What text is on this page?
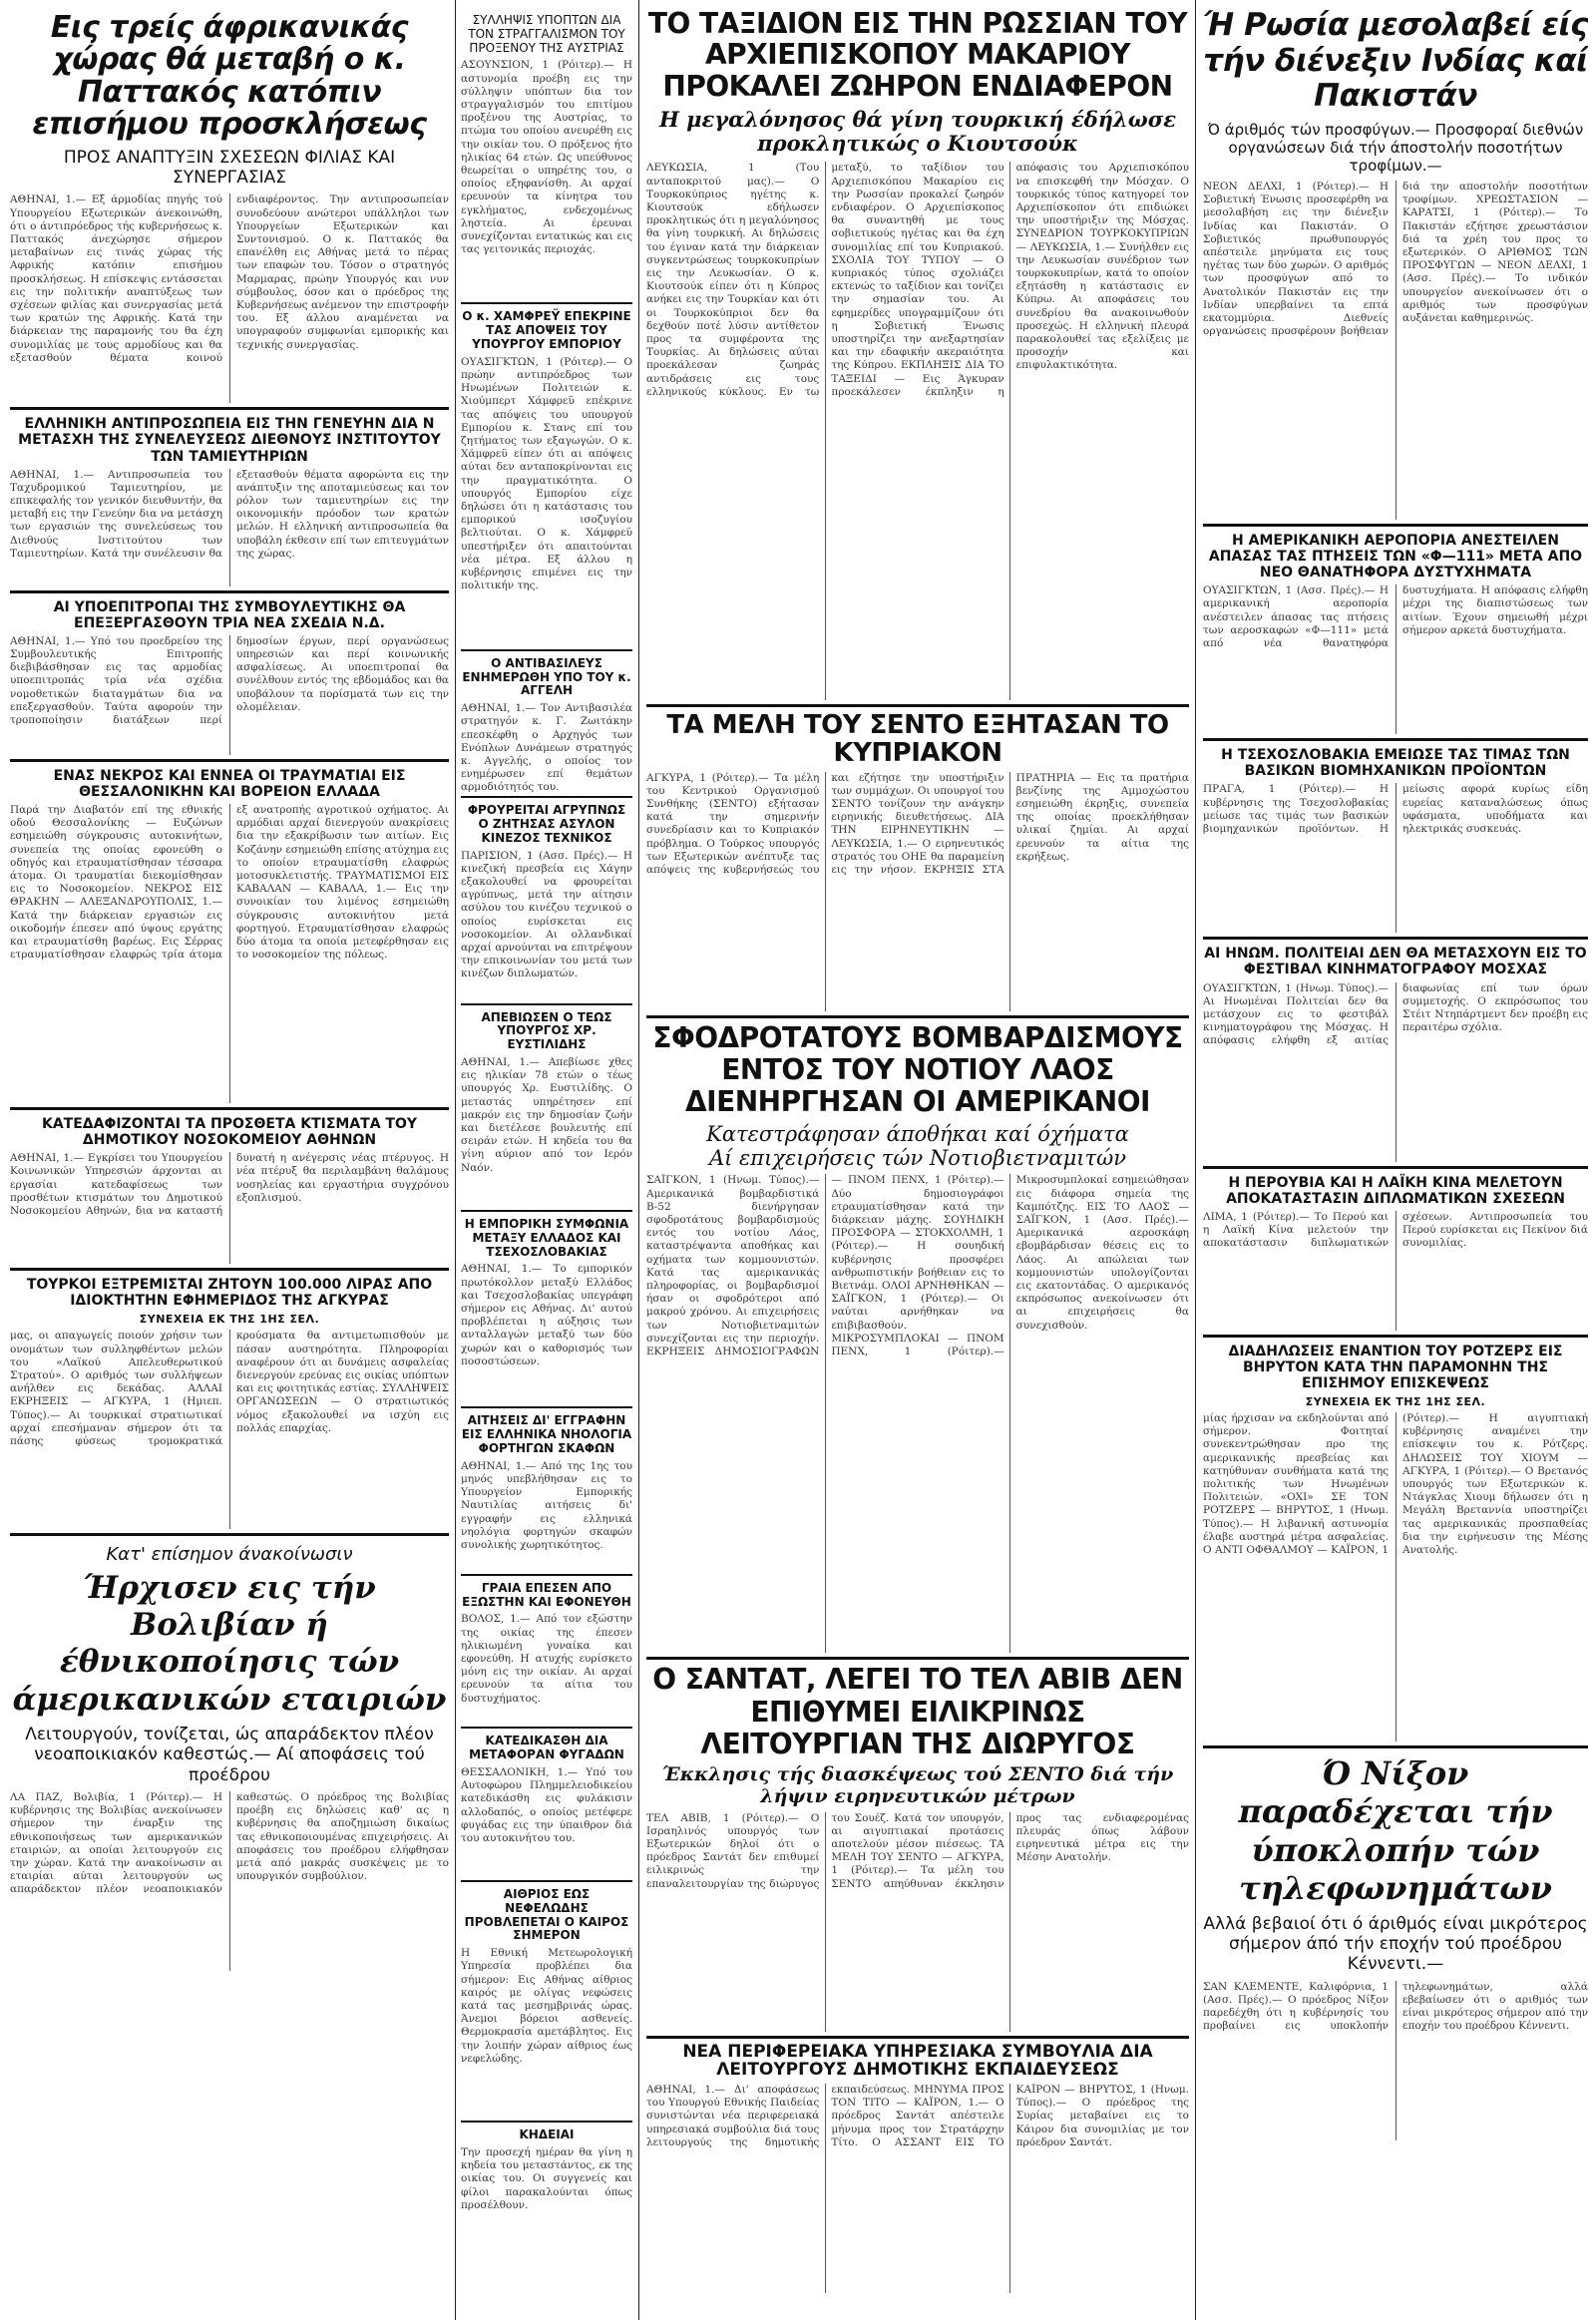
Εις τρείς άφρικανικάς χώρας θά μεταβή ο κ. Παττακός κατόπιν επισήμου προσκλήσεως
ΠΡΟΣ ΑΝΑΠΤΥΞΙΝ ΣΧΕΣΕΩΝ ΦΙΛΙΑΣ ΚΑΙ ΣΥΝΕΡΓΑΣΙΑΣ
ΑΘΗΝΑΙ, 1.— Εξ άρμοδίας πηγής τού Υπουργείου Εξωτερικών άνεκοινώθη, ότι ο άντιπρόεδρος τής κυβερνήσεως κ. Παττακός άνεχώρησε σήμερον μεταβαίνων εις τινάς χώρας τής Αφρικής κατόπιν επισήμου προσκλήσεως. Η επίσκεψις εντάσσεται εις την πολιτικήν αναπτύξεως των σχέσεων φιλίας και συνεργασίας μετά των κρατών της Αφρικής. Κατά την διάρκειαν της παραμονής του θα έχη συνομιλίας με τους αρμοδίους και θα εξετασθούν θέματα κοινού ενδιαφέροντος. Την αντιπροσωπείαν συνοδεύουν ανώτεροι υπάλληλοι των Υπουργείων Εξωτερικών και Συντονισμού. Ο κ. Παττακός θα επανέλθη εις Αθήνας μετά το πέρας των επαφών του. Τόσον ο στρατηγός Μαρμαρας, πρώην Υπουργός και νυν σύμβουλος, όσον και ο πρόεδρος της Κυβερνήσεως ανέμενον την επιστροφήν του. Εξ άλλου αναμένεται να υπογραφούν συμφωνίαι εμπορικής και τεχνικής συνεργασίας.
ΕΛΛΗΝΙΚΗ ΑΝΤΙΠΡΟΣΩΠΕΙΑ ΕΙΣ ΤΗΝ ΓΕΝΕΥΗΝ ΔΙΑ Ν ΜΕΤΑΣΧΗ ΤΗΣ ΣΥΝΕΛΕΥΣΕΩΣ ΔΙΕΘΝΟΥΣ ΙΝΣΤΙΤΟΥΤΟΥ ΤΩΝ ΤΑΜΙΕΥΤΗΡΙΩΝ
ΑΘΗΝΑΙ, 1.— Αντιπροσωπεία του Ταχυδρομικού Ταμιευτηρίου, με επικεφαλής τον γενικόν διευθυντήν, θα μεταβή εις την Γενεύην δια να μετάσχη των εργασιών της συνελεύσεως του Διεθνούς Ινστιτούτου των Ταμιευτηρίων. Κατά την συνέλευσιν θα εξετασθούν θέματα αφορώντα εις την ανάπτυξιν της αποταμιεύσεως και τον ρόλον των ταμιευτηρίων εις την οικονομικήν πρόοδον των κρατών μελών. Η ελληνική αντιπροσωπεία θα υποβάλη έκθεσιν επί των επιτευγμάτων της χώρας.
ΑΙ ΥΠΟΕΠΙΤΡΟΠΑΙ ΤΗΣ ΣΥΜΒΟΥΛΕΥΤΙΚΗΣ ΘΑ ΕΠΕΞΕΡΓΑΣΘΟΥΝ ΤΡΙΑ ΝΕΑ ΣΧΕΔΙΑ Ν.Δ.
ΑΘΗΝΑΙ, 1.— Υπό του προεδρείου της Συμβουλευτικής Επιτροπής διεβιβάσθησαν εις τας αρμοδίας υποεπιτροπάς τρία νέα σχέδια νομοθετικών διαταγμάτων δια να επεξεργασθούν. Ταύτα αφορούν την τροποποίησιν διατάξεων περί δημοσίων έργων, περί οργανώσεως υπηρεσιών και περί κοινωνικής ασφαλίσεως. Αι υποεπιτροπαί θα συνέλθουν εντός της εβδομάδος και θα υποβάλουν τα πορίσματά των εις την ολομέλειαν.
ΕΝΑΣ ΝΕΚΡΟΣ ΚΑΙ ΕΝΝΕΑ ΟΙ ΤΡΑΥΜΑΤΙΑΙ ΕΙΣ ΘΕΣΣΑΛΟΝΙΚΗΝ ΚΑΙ ΒΟΡΕΙΟΝ ΕΛΛΑΔΑ
Παρά την Διαβατόν επί της εθνικής οδού Θεσσαλονίκης — Ευζώνων εσημειώθη σύγκρουσις αυτοκινήτων, συνεπεία της οποίας εφονεύθη ο οδηγός και ετραυματίσθησαν τέσσαρα άτομα. Οι τραυματίαι διεκομίσθησαν εις το Νοσοκομείον. ΝΕΚΡΟΣ ΕΙΣ ΘΡΑΚΗΝ — ΑΛΕΞΑΝΔΡΟΥΠΟΛΙΣ, 1.— Κατά την διάρκειαν εργασιών εις οικοδομήν έπεσεν από ύψους εργάτης και ετραυματίσθη βαρέως. Εις Σέρρας ετραυματίσθησαν ελαφρώς τρία άτομα εξ ανατροπής αγροτικού οχήματος. Αι αρμόδιαι αρχαί διενεργούν ανακρίσεις δια την εξακρίβωσιν των αιτίων. Εις Κοζάνην εσημειώθη επίσης ατύχημα εις το οποίον ετραυματίσθη ελαφρώς μοτοσυκλετιστής. ΤΡΑΥΜΑΤΙΣΜΟΙ ΕΙΣ ΚΑΒΑΛΑΝ — ΚΑΒΑΛΑ, 1.— Εις την συνοικίαν του λιμένος εσημειώθη σύγκρουσις αυτοκινήτου μετά φορτηγού. Ετραυματίσθησαν ελαφρώς δύο άτομα τα οποία μετεφέρθησαν εις το νοσοκομείον της πόλεως.
ΚΑΤΕΔΑΦΙΖΟΝΤΑΙ ΤΑ ΠΡΟΣΘΕΤΑ ΚΤΙΣΜΑΤΑ ΤΟΥ ΔΗΜΟΤΙΚΟΥ ΝΟΣΟΚΟΜΕΙΟΥ ΑΘΗΝΩΝ
ΑΘΗΝΑΙ, 1.— Εγκρίσει του Υπουργείου Κοινωνικών Υπηρεσιών άρχονται αι εργασίαι κατεδαφίσεως των προσθέτων κτισμάτων του Δημοτικού Νοσοκομείου Αθηνών, δια να καταστή δυνατή η ανέγερσις νέας πτέρυγος. Η νέα πτέρυξ θα περιλαμβάνη θαλάμους νοσηλείας και εργαστήρια συγχρόνου εξοπλισμού.
ΤΟΥΡΚΟΙ ΕΞΤΡΕΜΙΣΤΑΙ ΖΗΤΟΥΝ 100.000 ΛΙΡΑΣ ΑΠΟ ΙΔΙΟΚΤΗΤΗΝ ΕΦΗΜΕΡΙΔΟΣ ΤΗΣ ΑΓΚΥΡΑΣ
ΣΥΝΕΧΕΙΑ ΕΚ ΤΗΣ 1ΗΣ ΣΕΛ.
μας, οι απαγωγείς ποιούν χρήσιν των ονομάτων των συλληφθέντων μελών του «Λαϊκού Απελευθερωτικού Στρατού». Ο αριθμός των συλλήψεων ανήλθεν εις δεκάδας. ΑΛΛΑΙ ΕΚΡΗΞΕΙΣ — ΑΓΚΥΡΑ, 1 (Ημιεπ. Τύπος).— Αι τουρκικαί στρατιωτικαί αρχαί επεσήμαναν σήμερον ότι τα πάσης φύσεως τρομοκρατικά κρούσματα θα αντιμετωπισθούν με πάσαν αυστηρότητα. Πληροφορίαι αναφέρουν ότι αι δυνάμεις ασφαλείας διενεργούν ερεύνας εις οικίας υπόπτων και εις φοιτητικάς εστίας. ΣΥΛΛΗΨΕΙΣ ΟΡΓΑΝΩΣΕΩΝ — Ο στρατιωτικός νόμος εξακολουθεί να ισχύη εις πολλάς επαρχίας.
Κατ' επίσημον άνακοίνωσιν
Ήρχισεν εις τήν Βολιβίαν ή έθνικοποίησις τών άμερικανικών εταιριών
Λειτουργούν, τονίζεται, ώς απαράδεκτον πλέον νεοαποικιακόν καθεστώς.— Αί αποφάσεις τού προέδρου
ΛΑ ΠΑΖ, Βολιβία, 1 (Ρόιτερ).— Η κυβέρνησις της Βολιβίας ανεκοίνωσεν σήμερον την έναρξιν της εθνικοποιήσεως των αμερικανικών εταιριών, αι οποίαι λειτουργούν εις την χώραν. Κατά την ανακοίνωσιν αι εταιρίαι αύται λειτουργούν ως απαράδεκτον πλέον νεοαποικιακόν καθεστώς. Ο πρόεδρος της Βολιβίας προέβη εις δηλώσεις καθ' ας η κυβέρνησις θα αποζημιώση δικαίως τας εθνικοποιουμένας επιχειρήσεις. Αι αποφάσεις του προέδρου ελήφθησαν μετά από μακράς συσκέψεις με το υπουργικόν συμβούλιον.
ΣΥΛΛΗΨΙΣ ΥΠΟΠΤΩΝ ΔΙΑ ΤΟΝ ΣΤΡΑΓΓΑΛΙΣΜΟΝ ΤΟΥ ΠΡΟΞΕΝΟΥ ΤΗΣ ΑΥΣΤΡΙΑΣ
ΑΣΟΥΝΣΙΟΝ, 1 (Ρόιτερ).— Η αστυνομία προέβη εις την σύλληψιν υπόπτων δια τον στραγγαλισμόν του επιτίμου προξένου της Αυστρίας, το πτώμα του οποίου ανευρέθη εις την οικίαν του. Ο πρόξενος ήτο ηλικίας 64 ετών. Ως υπεύθυνος θεωρείται ο υπηρέτης του, ο οποίος εξηφανίσθη. Αι αρχαί ερευνούν τα κίνητρα του εγκλήματος, ενδεχομένως ληστεία. Αι έρευναι συνεχίζονται εντατικώς και εις τας γειτονικάς περιοχάς.
Ο κ. ΧΑΜΦΡΕΫ ΕΠΕΚΡΙΝΕ ΤΑΣ ΑΠΟΨΕΙΣ ΤΟΥ ΥΠΟΥΡΓΟΥ ΕΜΠΟΡΙΟΥ
ΟΥΑΣΙΓΚΤΩΝ, 1 (Ρόιτερ).— Ο πρώην αντιπρόεδρος των Ηνωμένων Πολιτειών κ. Χιούμπερτ Χάμφρεϋ επέκρινε τας απόψεις του υπουργού Εμπορίου κ. Στανς επί του ζητήματος των εξαγωγών. Ο κ. Χάμφρεϋ είπεν ότι αι απόψεις αύται δεν ανταποκρίνονται εις την πραγματικότητα. Ο υπουργός Εμπορίου είχε δηλώσει ότι η κατάστασις του εμπορικού ισοζυγίου βελτιούται. Ο κ. Χάμφρεϋ υπεστήριξεν ότι απαιτούνται νέα μέτρα. Εξ άλλου η κυβέρνησις επιμένει εις την πολιτικήν της.
Ο ΑΝΤΙΒΑΣΙΛΕΥΣ ΕΝΗΜΕΡΩΘΗ ΥΠΟ ΤΟΥ κ. ΑΓΓΕΛΗ
ΑΘΗΝΑΙ, 1.— Τον Αντιβασιλέα στρατηγόν κ. Γ. Ζωιτάκην επεσκέφθη ο Αρχηγός των Ενόπλων Δυνάμεων στρατηγός κ. Αγγελής, ο οποίος τον ενημέρωσεν επί θεμάτων αρμοδιότητός του.
ΦΡΟΥΡΕΙΤΑΙ ΑΓΡΥΠΝΩΣ Ο ΖΗΤΗΣΑΣ ΑΣΥΛΟΝ ΚΙΝΕΖΟΣ ΤΕΧΝΙΚΟΣ
ΠΑΡΙΣΙΟΝ, 1 (Ασσ. Πρές).— Η κινεζική πρεσβεία εις Χάγην εξακολουθεί να φρουρείται αγρύπνως, μετά την αίτησιν ασύλου του κινέζου τεχνικού ο οποίος ευρίσκεται εις νοσοκομείον. Αι ολλανδικαί αρχαί αρνούνται να επιτρέψουν την επικοινωνίαν του μετά των κινέζων διπλωματών.
ΑΠΕΒΙΩΣΕΝ Ο ΤΕΩΣ ΥΠΟΥΡΓΟΣ ΧΡ. ΕΥΣΤΙΛΙΔΗΣ
ΑΘΗΝΑΙ, 1.— Απεβίωσε χθες εις ηλικίαν 78 ετών ο τέως υπουργός Χρ. Ευστιλίδης. Ο μεταστάς υπηρέτησεν επί μακρόν εις την δημοσίαν ζωήν και διετέλεσε βουλευτής επί σειράν ετών. Η κηδεία του θα γίνη αύριον από τον Ιερόν Ναόν.
Η ΕΜΠΟΡΙΚΗ ΣΥΜΦΩΝΙΑ ΜΕΤΑΞΥ ΕΛΛΑΔΟΣ ΚΑΙ ΤΣΕΧΟΣΛΟΒΑΚΙΑΣ
ΑΘΗΝΑΙ, 1.— Το εμπορικόν πρωτόκολλον μεταξύ Ελλάδος και Τσεχοσλοβακίας υπεγράφη σήμερον εις Αθήνας. Δι' αυτού προβλέπεται η αύξησις των ανταλλαγών μεταξύ των δύο χωρών και ο καθορισμός των ποσοστώσεων.
ΑΙΤΗΣΕΙΣ ΔΙ' ΕΓΓΡΑΦΗΝ ΕΙΣ ΕΛΛΗΝΙΚΑ ΝΗΟΛΟΓΙΑ ΦΟΡΤΗΓΩΝ ΣΚΑΦΩΝ
ΑΘΗΝΑΙ, 1.— Από της 1ης του μηνός υπεβλήθησαν εις το Υπουργείον Εμπορικής Ναυτιλίας αιτήσεις δι' εγγραφήν εις ελληνικά νηολόγια φορτηγών σκαφών συνολικής χωρητικότητος.
ΓΡΑΙΑ ΕΠΕΣΕΝ ΑΠΟ ΕΞΩΣΤΗΝ ΚΑΙ ΕΦΟΝΕΥΘΗ
ΒΟΛΟΣ, 1.— Από τον εξώστην της οικίας της έπεσεν ηλικιωμένη γυναίκα και εφονεύθη. Η ατυχής ευρίσκετο μόνη εις την οικίαν. Αι αρχαί ερευνούν τα αίτια του δυστυχήματος.
ΚΑΤΕΔΙΚΑΣΘΗ ΔΙΑ ΜΕΤΑΦΟΡΑΝ ΦΥΓΑΔΩΝ
ΘΕΣΣΑΛΟΝΙΚΗ, 1.— Υπό του Αυτοφώρου Πλημμελειοδικείου κατεδικάσθη εις φυλάκισιν αλλοδαπός, ο οποίος μετέφερε φυγάδας εις την ύπαιθρον διά του αυτοκινήτου του.
ΑΙΘΡΙΟΣ ΕΩΣ ΝΕΦΕΛΩΔΗΣ ΠΡΟΒΛΕΠΕΤΑΙ Ο ΚΑΙΡΟΣ ΣΗΜΕΡΟΝ
Η Εθνική Μετεωρολογική Υπηρεσία προβλέπει δια σήμερον: Εις Αθήνας αίθριος καιρός με ολίγας νεφώσεις κατά τας μεσημβρινάς ώρας. Άνεμοι βόρειοι ασθενείς. Θερμοκρασία αμετάβλητος. Εις την λοιπήν χώραν αίθριος έως νεφελώδης.
ΚΗΔΕΙΑΙ
Την προσεχή ημέραν θα γίνη η κηδεία του μεταστάντος, εκ της οικίας του. Οι συγγενείς και φίλοι παρακαλούνται όπως προσέλθουν.
ΤΟ ΤΑΞΙΔΙΟΝ ΕΙΣ ΤΗΝ ΡΩΣΣΙΑΝ ΤΟΥ ΑΡΧΙΕΠΙΣΚΟΠΟΥ ΜΑΚΑΡΙΟΥ ΠΡΟΚΑΛΕΙ ΖΩΗΡΟΝ ΕΝΔΙΑΦΕΡΟΝ
Η μεγαλόνησος θά γίνη τουρκική έδήλωσε προκλητικώς ο Κιουτσούκ
ΛΕΥΚΩΣΙΑ, 1 (Του ανταποκριτού μας).— Ο Τουρκοκύπριος ηγέτης κ. Κιουτσούκ εδήλωσεν προκλητικώς ότι η μεγαλόνησος θα γίνη τουρκική. Αι δηλώσεις του έγιναν κατά την διάρκειαν συγκεντρώσεως τουρκοκυπρίων εις την Λευκωσίαν. Ο κ. Κιουτσούκ είπεν ότι η Κύπρος ανήκει εις την Τουρκίαν και ότι οι Τουρκοκύπριοι δεν θα δεχθούν ποτέ λύσιν αντίθετον προς τα συμφέροντα της Τουρκίας. Αι δηλώσεις αύται προεκάλεσαν ζωηράς αντιδράσεις εις τους ελληνικούς κύκλους. Εν τω μεταξύ, το ταξίδιον του Αρχιεπισκόπου Μακαρίου εις την Ρωσσίαν προκαλεί ζωηρόν ενδιαφέρον. Ο Αρχιεπίσκοπος θα συναντηθή με τους σοβιετικούς ηγέτας και θα έχη συνομιλίας επί του Κυπριακού. ΣΧΟΛΙΑ ΤΟΥ ΤΥΠΟΥ — Ο κυπριακός τύπος σχολιάζει εκτενώς το ταξίδιον και τονίζει την σημασίαν του. Αι εφημερίδες υπογραμμίζουν ότι η Σοβιετική Ένωσις υποστηρίζει την ανεξαρτησίαν και την εδαφικήν ακεραιότητα της Κύπρου. ΕΚΠΛΗΞΙΣ ΔΙΑ ΤΟ ΤΑΞΕΙΔΙ — Εις Άγκυραν προεκάλεσεν έκπληξιν η απόφασις του Αρχιεπισκόπου να επισκεφθή την Μόσχαν. Ο τουρκικός τύπος κατηγορεί τον Αρχιεπίσκοπον ότι επιδιώκει την υποστήριξιν της Μόσχας. ΣΥΝΕΔΡΙΟΝ ΤΟΥΡΚΟΚΥΠΡΙΩΝ — ΛΕΥΚΩΣΙΑ, 1.— Συνήλθεν εις την Λευκωσίαν συνέδριον των τουρκοκυπρίων, κατά το οποίον εξητάσθη η κατάστασις εν Κύπρω. Αι αποφάσεις του συνεδρίου θα ανακοινωθούν προσεχώς. Η ελληνική πλευρά παρακολουθεί τας εξελίξεις με προσοχήν και επιφυλακτικότητα.
ΤΑ ΜΕΛΗ ΤΟΥ ΣΕΝΤΟ ΕΞΗΤΑΣΑΝ ΤΟ ΚΥΠΡΙΑΚΟΝ
ΑΓΚΥΡΑ, 1 (Ρόιτερ).— Τα μέλη του Κεντρικού Οργανισμού Συνθήκης (ΣΕΝΤΟ) εξήτασαν κατά την σημερινήν συνεδρίασιν και το Κυπριακόν πρόβλημα. Ο Τούρκος υπουργός των Εξωτερικών ανέπτυξε τας απόψεις της κυβερνήσεώς του και εζήτησε την υποστήριξιν των συμμάχων. Οι υπουργοί του ΣΕΝΤΟ τονίζουν την ανάγκην ειρηνικής διευθετήσεως. ΔΙΑ ΤΗΝ ΕΙΡΗΝΕΥΤΙΚΗΝ — ΛΕΥΚΩΣΙΑ, 1.— Ο ειρηνευτικός στρατός του ΟΗΕ θα παραμείνη εις την νήσον. ΕΚΡΗΞΙΣ ΣΤΑ ΠΡΑΤΗΡΙΑ — Εις τα πρατήρια βενζίνης της Αμμοχώστου εσημειώθη έκρηξις, συνεπεία της οποίας προεκλήθησαν υλικαί ζημίαι. Αι αρχαί ερευνούν τα αίτια της εκρήξεως.
ΣΦΟΔΡΟΤΑΤΟΥΣ ΒΟΜΒΑΡΔΙΣΜΟΥΣ ΕΝΤΟΣ ΤΟΥ ΝΟΤΙΟΥ ΛΑΟΣ ΔΙΕΝΗΡΓΗΣΑΝ ΟΙ ΑΜΕΡΙΚΑΝΟΙ
Κατεστράφησαν άποθήκαι καί όχήματα
Αί επιχειρήσεις τών Νοτιοβιετναμιτών
ΣΑΪΓΚΟΝ, 1 (Ηνωμ. Τύπος).— Αμερικανικά βομβαρδιστικά Β-52 διενήργησαν σφοδροτάτους βομβαρδισμούς εντός του νοτίου Λάος, καταστρέψαντα αποθήκας και οχήματα των κομμουνιστών. Κατά τας αμερικανικάς πληροφορίας, οι βομβαρδισμοί ήσαν οι σφοδρότεροι από μακρού χρόνου. Αι επιχειρήσεις των Νοτιοβιετναμιτών συνεχίζονται εις την περιοχήν. ΕΚΡΗΞΕΙΣ ΔΗΜΟΣΙΟΓΡΑΦΩΝ — ΠΝΟΜ ΠΕΝΧ, 1 (Ρόιτερ).— Δύο δημοσιογράφοι ετραυματίσθησαν κατά την διάρκειαν μάχης. ΣΟΥΗΔΙΚΗ ΠΡΟΣΦΟΡΑ — ΣΤΟΚΧΟΛΜΗ, 1 (Ρόιτερ).— Η σουηδική κυβέρνησις προσφέρει ανθρωπιστικήν βοήθειαν εις το Βιετνάμ. ΟΛΟΙ ΑΡΝΗΘΗΚΑΝ — ΣΑΪΓΚΟΝ, 1 (Ρόιτερ).— Οι ναύται αρνήθηκαν να επιβιβασθούν. ΜΙΚΡΟΣΥΜΠΛΟΚΑΙ — ΠΝΟΜ ΠΕΝΧ, 1 (Ρόιτερ).— Μικροσυμπλοκαί εσημειώθησαν εις διάφορα σημεία της Καμπότζης. ΕΙΣ ΤΟ ΛΑΟΣ — ΣΑΪΓΚΟΝ, 1 (Ασσ. Πρές).— Αμερικανικά αεροσκάφη εβομβάρδισαν θέσεις εις το Λάος. Αι απώλειαι των κομμουνιστών υπολογίζονται εις εκατοντάδας. Ο αμερικανός εκπρόσωπος ανεκοίνωσεν ότι αι επιχειρήσεις θα συνεχισθούν.
Ο ΣΑΝΤΑΤ, ΛΕΓΕΙ ΤΟ ΤΕΛ ΑΒΙΒ ΔΕΝ ΕΠΙΘΥΜΕΙ ΕΙΛΙΚΡΙΝΩΣ ΛΕΙΤΟΥΡΓΙΑΝ ΤΗΣ ΔΙΩΡΥΓΟΣ
Έκκλησις τής διασκέψεως τού ΣΕΝΤΟ διά τήν λήψιν ειρηνευτικών μέτρων
ΤΕΛ ΑΒΙΒ, 1 (Ρόιτερ).— Ο Ισραηλινός υπουργός των Εξωτερικών δηλοί ότι ο πρόεδρος Σαντάτ δεν επιθυμεί ειλικρινώς την επαναλειτουργίαν της διώρυγος του Σουέζ. Κατά τον υπουργόν, αι αιγυπτιακαί προτάσεις αποτελούν μέσον πιέσεως. ΤΑ ΜΕΛΗ ΤΟΥ ΣΕΝΤΟ — ΑΓΚΥΡΑ, 1 (Ρόιτερ).— Τα μέλη του ΣΕΝΤΟ απηύθυναν έκκλησιν προς τας ενδιαφερομένας πλευράς όπως λάβουν ειρηνευτικά μέτρα εις την Μέσην Ανατολήν.
ΝΕΑ ΠΕΡΙΦΕΡΕΙΑΚΑ ΥΠΗΡΕΣΙΑΚΑ ΣΥΜΒΟΥΛΙΑ ΔΙΑ ΛΕΙΤΟΥΡΓΟΥΣ ΔΗΜΟΤΙΚΗΣ ΕΚΠΑΙΔΕΥΣΕΩΣ
ΑΘΗΝΑΙ, 1.— Δι' αποφάσεως του Υπουργού Εθνικής Παιδείας συνιστώνται νέα περιφερειακά υπηρεσιακά συμβούλια διά τους λειτουργούς της δημοτικής εκπαιδεύσεως. ΜΗΝΥΜΑ ΠΡΟΣ ΤΟΝ ΤΙΤΟ — ΚΑΪΡΟΝ, 1.— Ο πρόεδρος Σαντάτ απέστειλε μήνυμα προς τον Στρατάρχην Τίτο. Ο ΑΣΣΑΝΤ ΕΙΣ ΤΟ ΚΑΪΡΟΝ — ΒΗΡΥΤΟΣ, 1 (Ηνωμ. Τύπος).— Ο πρόεδρος της Συρίας μεταβαίνει εις το Κάιρον δια συνομιλίας με τον πρόεδρον Σαντάτ.
Ή Ρωσία μεσολαβεί είς τήν διένεξιν Ινδίας καί Πακιστάν
Ό άριθμός τών προσφύγων.— Προσφοραί διεθνών οργανώσεων διά τήν άποστολήν ποσοτήτων τροφίμων.—
ΝΕΟΝ ΔΕΛΧΙ, 1 (Ρόιτερ).— Η Σοβιετική Ένωσις προσεφέρθη να μεσολαβήση εις την διένεξιν Ινδίας και Πακιστάν. Ο Σοβιετικός πρωθυπουργός απέστειλε μηνύματα εις τους ηγέτας των δύο χωρών. Ο αριθμός των προσφύγων από το Ανατολικόν Πακιστάν εις την Ινδίαν υπερβαίνει τα επτά εκατομμύρια. Διεθνείς οργανώσεις προσφέρουν βοήθειαν διά την αποστολήν ποσοτήτων τροφίμων. ΧΡΕΩΣΤΑΣΙΟΝ — ΚΑΡΑΤΣΙ, 1 (Ρόιτερ).— Το Πακιστάν εζήτησε χρεωστάσιον διά τα χρέη του προς το εξωτερικόν. Ο ΑΡΙΘΜΟΣ ΤΩΝ ΠΡΟΣΦΥΓΩΝ — ΝΕΟΝ ΔΕΛΧΙ, 1 (Ασσ. Πρές).— Το ινδικόν υπουργείον ανεκοίνωσεν ότι ο αριθμός των προσφύγων αυξάνεται καθημερινώς.
Η ΑΜΕΡΙΚΑΝΙΚΗ ΑΕΡΟΠΟΡΙΑ ΑΝΕΣΤΕΙΛΕΝ ΑΠΑΣΑΣ ΤΑΣ ΠΤΗΣΕΙΣ ΤΩΝ «Φ—111» ΜΕΤΑ ΑΠΟ ΝΕΟ ΘΑΝΑΤΗΦΟΡΑ ΔΥΣΤΥΧΗΜΑΤΑ
ΟΥΑΣΙΓΚΤΩΝ, 1 (Ασσ. Πρές).— Η αμερικανική αεροπορία ανέστειλεν άπασας τας πτήσεις των αεροσκαφών «Φ—111» μετά από νέα θανατηφόρα δυστυχήματα. Η απόφασις ελήφθη μέχρι της διαπιστώσεως των αιτίων. Έχουν σημειωθή μέχρι σήμερον αρκετά δυστυχήματα.
Η ΤΣΕΧΟΣΛΟΒΑΚΙΑ ΕΜΕΙΩΣΕ ΤΑΣ ΤΙΜΑΣ ΤΩΝ ΒΑΣΙΚΩΝ ΒΙΟΜΗΧΑΝΙΚΩΝ ΠΡΟΪΟΝΤΩΝ
ΠΡΑΓΑ, 1 (Ρόιτερ).— Η κυβέρνησις της Τσεχοσλοβακίας μείωσε τας τιμάς των βασικών βιομηχανικών προϊόντων. Η μείωσις αφορά κυρίως είδη ευρείας καταναλώσεως όπως υφάσματα, υποδήματα και ηλεκτρικάς συσκευάς.
ΑΙ ΗΝΩΜ. ΠΟΛΙΤΕΙΑΙ ΔΕΝ ΘΑ ΜΕΤΑΣΧΟΥΝ ΕΙΣ ΤΟ ΦΕΣΤΙΒΑΛ ΚΙΝΗΜΑΤΟΓΡΑΦΟΥ ΜΟΣΧΑΣ
ΟΥΑΣΙΓΚΤΩΝ, 1 (Ηνωμ. Τύπος).— Αι Ηνωμέναι Πολιτείαι δεν θα μετάσχουν εις το φεστιβάλ κινηματογράφου της Μόσχας. Η απόφασις ελήφθη εξ αιτίας διαφωνίας επί των όρων συμμετοχής. Ο εκπρόσωπος του Στέιτ Ντηπάρτμεντ δεν προέβη εις περαιτέρω σχόλια.
Η ΠΕΡΟΥΒΙΑ ΚΑΙ Η ΛΑΪΚΗ ΚΙΝΑ ΜΕΛΕΤΟΥΝ ΑΠΟΚΑΤΑΣΤΑΣΙΝ ΔΙΠΛΩΜΑΤΙΚΩΝ ΣΧΕΣΕΩΝ
ΛΙΜΑ, 1 (Ρόιτερ).— Το Περού και η Λαϊκή Κίνα μελετούν την αποκατάστασιν διπλωματικών σχέσεων. Αντιπροσωπεία του Περού ευρίσκεται εις Πεκίνον διά συνομιλίας.
ΔΙΑΔΗΛΩΣΕΙΣ ΕΝΑΝΤΙΟΝ ΤΟΥ ΡΟΤΖΕΡΣ ΕΙΣ ΒΗΡΥΤΟΝ ΚΑΤΑ ΤΗΝ ΠΑΡΑΜΟΝΗΝ ΤΗΣ ΕΠΙΣΗΜΟΥ ΕΠΙΣΚΕΨΕΩΣ
ΣΥΝΕΧΕΙΑ ΕΚ ΤΗΣ 1ΗΣ ΣΕΛ.
μίας ήρχισαν να εκδηλούνται από σήμερον. Φοιτηταί συνεκεντρώθησαν προ της αμερικανικής πρεσβείας και κατηύθυναν συνθήματα κατά της πολιτικής των Ηνωμένων Πολιτειών. «ΟΧΙ» ΣΕ ΤΟΝ ΡΟΤΖΕΡΣ — ΒΗΡΥΤΟΣ, 1 (Ηνωμ. Τύπος).— Η λιβανική αστυνομία έλαβε αυστηρά μέτρα ασφαλείας. Ο ΑΝΤΙ ΟΦΘΑΛΜΟΥ — ΚΑΪΡΟΝ, 1 (Ρόιτερ).— Η αιγυπτιακή κυβέρνησις αναμένει την επίσκεψιν του κ. Ρότζερς. ΔΗΛΩΣΕΙΣ ΤΟΥ ΧΙΟΥΜ — ΑΓΚΥΡΑ, 1 (Ρόιτερ).— Ο Βρετανός υπουργός των Εξωτερικών κ. Ντάγκλας Χιουμ δήλωσεν ότι η Μεγάλη Βρεταννία υποστηρίζει τας αμερικανικάς προσπαθείας δια την ειρήνευσιν της Μέσης Ανατολής.
Ό Νίξον παραδέχεται τήν ύποκλοπήν τών τηλεφωνημάτων
Αλλά βεβαιοί ότι ό άριθμός είναι μικρότερος σήμερον άπό τήν εποχήν τού προέδρου Κέννεντι.—
ΣΑΝ ΚΛΕΜΕΝΤΕ, Καλιφόρνια, 1 (Ασσ. Πρές).— Ο πρόεδρος Νίξον παρεδέχθη ότι η κυβέρνησίς του προβαίνει εις υποκλοπήν τηλεφωνημάτων, αλλά εβεβαίωσεν ότι ο αριθμός των είναι μικρότερος σήμερον από την εποχήν του προέδρου Κέννεντι.
